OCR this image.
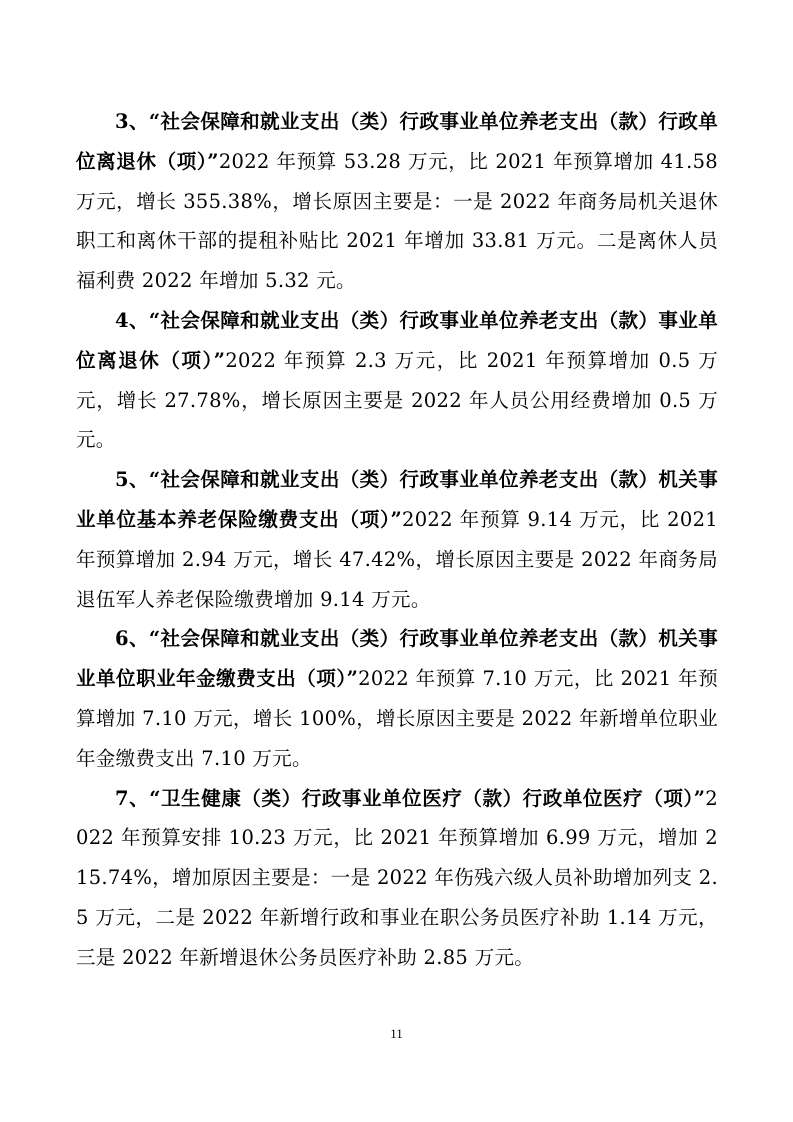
3、“社会保障和就业支出（类）行政事业单位养老支出（款）行政单位离退休（项）”2022 年预算 53.28 万元，比 2021 年预算增加 41.58 万元，增长 355.38%，增长原因主要是：一是 2022 年商务局机关退休职工和离休干部的提租补贴比 2021 年增加 33.81 万元。二是离休人员福利费 2022 年增加 5.32 元。

4、“社会保障和就业支出（类）行政事业单位养老支出（款）事业单位离退休（项）”2022 年预算 2.3 万元，比 2021 年预算增加 0.5 万元，增长 27.78%，增长原因主要是 2022 年人员公用经费增加 0.5 万元。

5、“社会保障和就业支出（类）行政事业单位养老支出（款）机关事业单位基本养老保险缴费支出（项）”2022 年预算 9.14 万元，比 2021 年预算增加 2.94 万元，增长 47.42%，增长原因主要是 2022 年商务局退伍军人养老保险缴费增加 9.14 万元。

6、“社会保障和就业支出（类）行政事业单位养老支出（款）机关事业单位职业年金缴费支出（项）”2022 年预算 7.10 万元，比 2021 年预算增加 7.10 万元，增长 100%，增长原因主要是 2022 年新增单位职业年金缴费支出 7.10 万元。

7、“卫生健康（类）行政事业单位医疗（款）行政单位医疗（项）”2022 年预算安排 10.23 万元，比 2021 年预算增加 6.99 万元，增加 215.74%，增加原因主要是：一是 2022 年伤残六级人员补助增加列支 2.5 万元，二是 2022 年新增行政和事业在职公务员医疗补助 1.14 万元，三是 2022 年新增退休公务员医疗补助 2.85 万元。

11
